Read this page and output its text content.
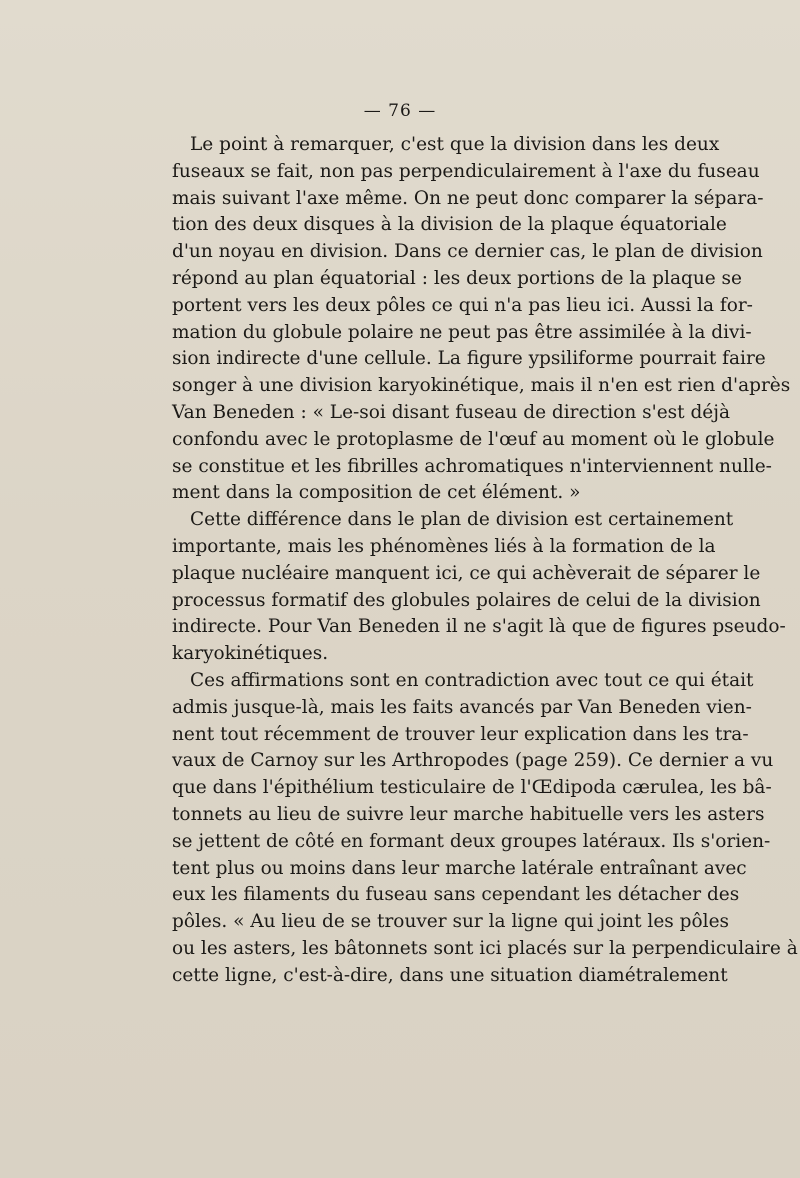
— 76 —
Le point à remarquer, c'est que la division dans les deux
fuseaux se fait, non pas perpendiculairement à l'axe du fuseau
mais suivant l'axe même. On ne peut donc comparer la sépara-
tion des deux disques à la division de la plaque équatoriale
d'un noyau en division. Dans ce dernier cas, le plan de division
répond au plan équatorial : les deux portions de la plaque se
portent vers les deux pôles ce qui n'a pas lieu ici. Aussi la for-
mation du globule polaire ne peut pas être assimilée à la divi-
sion indirecte d'une cellule. La figure ypsiliforme pourrait faire
songer à une division karyokinétique, mais il n'en est rien d'après
Van Beneden : « Le-soi disant fuseau de direction s'est déjà
confondu avec le protoplasme de l'œuf au moment où le globule
se constitue et les fibrilles achromatiques n'interviennent nulle-
ment dans la composition de cet élément. »
Cette différence dans le plan de division est certainement
importante, mais les phénomènes liés à la formation de la
plaque nucléaire manquent ici, ce qui achèverait de séparer le
processus formatif des globules polaires de celui de la division
indirecte. Pour Van Beneden il ne s'agit là que de figures pseudo-
karyokinétiques.
Ces affirmations sont en contradiction avec tout ce qui était
admis jusque-là, mais les faits avancés par Van Beneden vien-
nent tout récemment de trouver leur explication dans les tra-
vaux de Carnoy sur les Arthropodes (page 259). Ce dernier a vu
que dans l'épithélium testiculaire de l'Œdipoda cærulea, les bâ-
tonnets au lieu de suivre leur marche habituelle vers les asters
se jettent de côté en formant deux groupes latéraux. Ils s'orien-
tent plus ou moins dans leur marche latérale entraînant avec
eux les filaments du fuseau sans cependant les détacher des
pôles. « Au lieu de se trouver sur la ligne qui joint les pôles
ou les asters, les bâtonnets sont ici placés sur la perpendiculaire à
cette ligne, c'est-à-dire, dans une situation diamétralement
